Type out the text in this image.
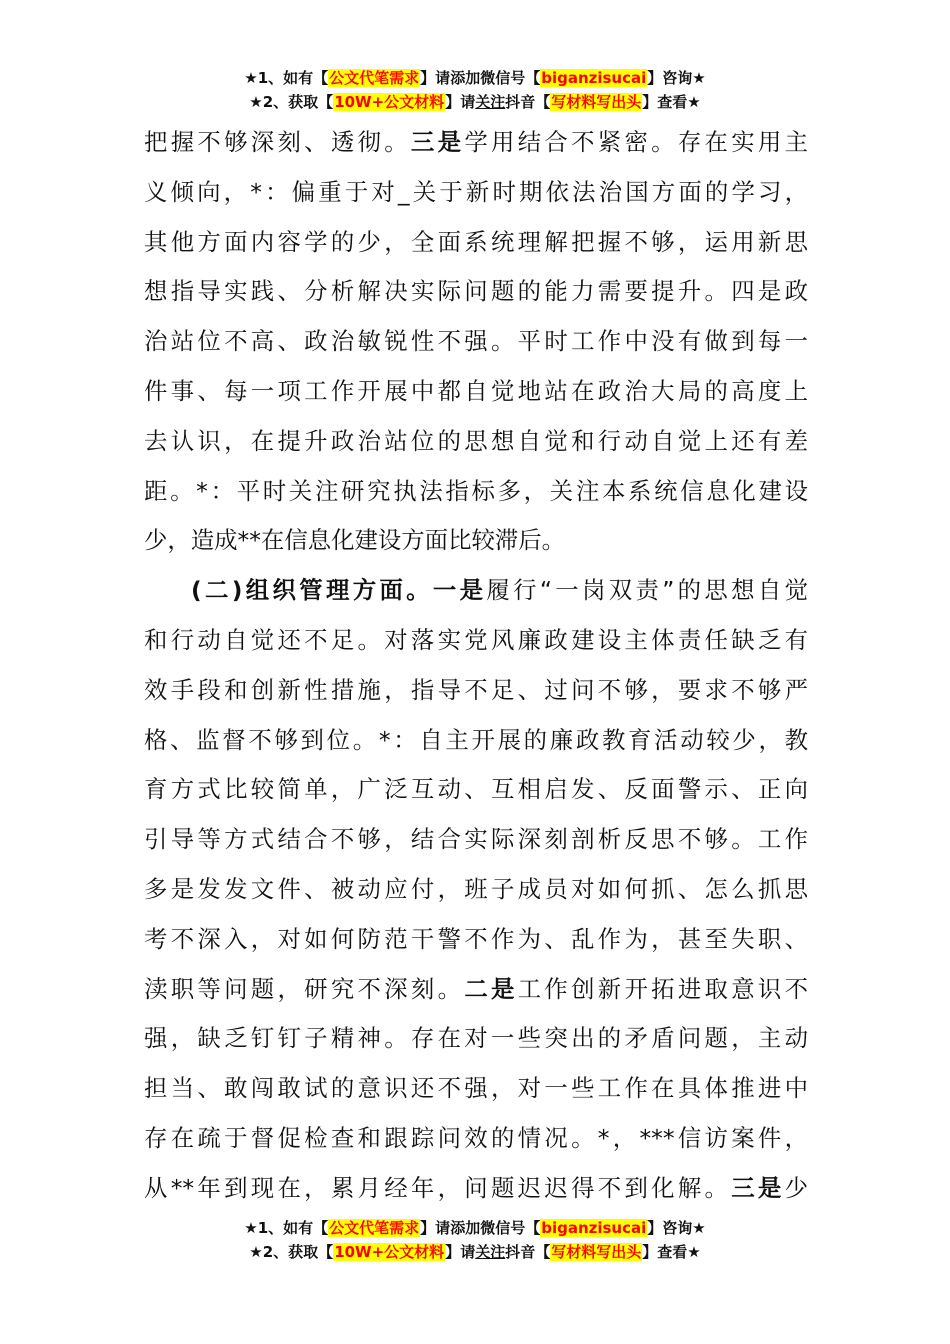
★1、如有【公文代笔需求】请添加微信号【biganzisucai】咨询★
★2、获取【10W+公文材料】请关注抖音【写材料写出头】查看★
把握不够深刻、透彻。三是学用结合不紧密。存在实用主
义倾向，*：偏重于对_关于新时期依法治国方面的学习，
其他方面内容学的少，全面系统理解把握不够，运用新思
想指导实践、分析解决实际问题的能力需要提升。四是政
治站位不高、政治敏锐性不强。平时工作中没有做到每一
件事、每一项工作开展中都自觉地站在政治大局的高度上
去认识，在提升政治站位的思想自觉和行动自觉上还有差
距。*：平时关注研究执法指标多，关注本系统信息化建设
少，造成**在信息化建设方面比较滞后。
(二)组织管理方面。一是履行“一岗双责”的思想自觉
和行动自觉还不足。对落实党风廉政建设主体责任缺乏有
效手段和创新性措施，指导不足、过问不够，要求不够严
格、监督不够到位。*：自主开展的廉政教育活动较少，教
育方式比较简单，广泛互动、互相启发、反面警示、正向
引导等方式结合不够，结合实际深刻剖析反思不够。工作
多是发发文件、被动应付，班子成员对如何抓、怎么抓思
考不深入，对如何防范干警不作为、乱作为，甚至失职、
渎职等问题，研究不深刻。二是工作创新开拓进取意识不
强，缺乏钉钉子精神。存在对一些突出的矛盾问题，主动
担当、敢闯敢试的意识还不强，对一些工作在具体推进中
存在疏于督促检查和跟踪问效的情况。*，***信访案件，
从**年到现在，累月经年，问题迟迟得不到化解。三是少
★1、如有【公文代笔需求】请添加微信号【biganzisucai】咨询★
★2、获取【10W+公文材料】请关注抖音【写材料写出头】查看★
